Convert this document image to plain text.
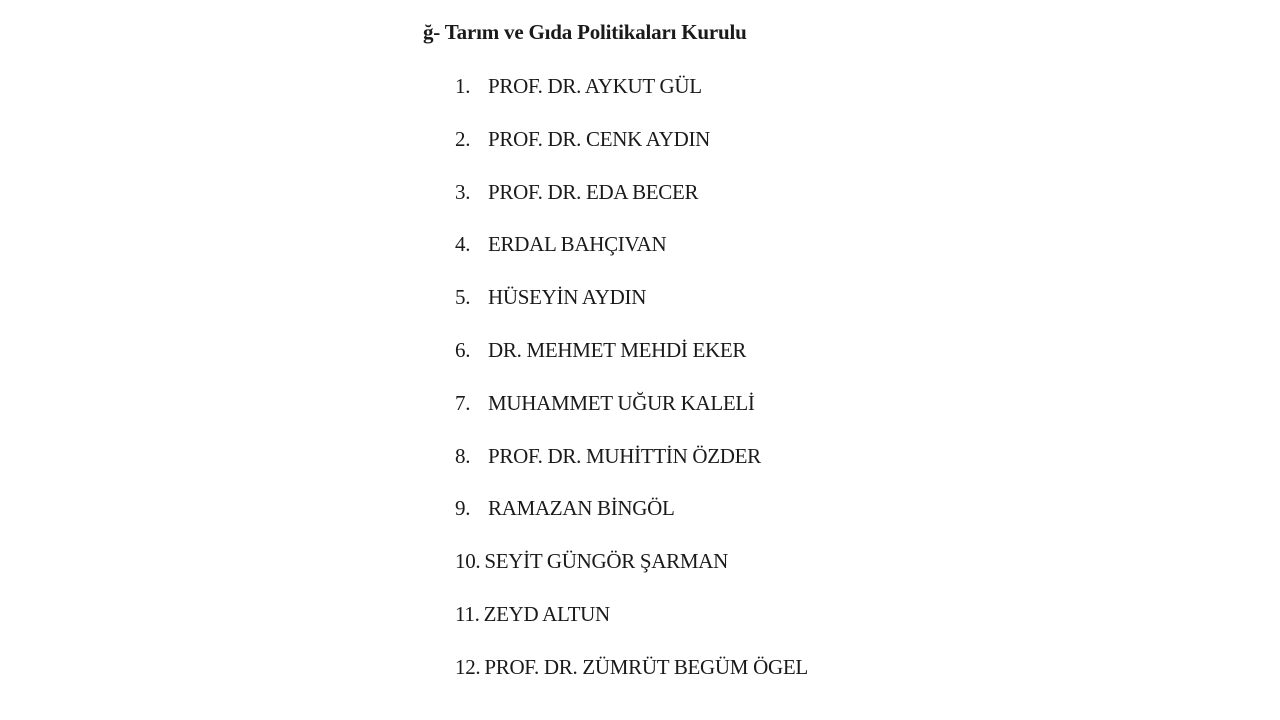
ğ- Tarım ve Gıda Politikaları Kurulu
1. PROF. DR. AYKUT GÜL
2. PROF. DR. CENK AYDIN
3. PROF. DR. EDA BECER
4. ERDAL BAHÇIVAN
5. HÜSEYİN AYDIN
6. DR. MEHMET MEHDİ EKER
7. MUHAMMET UĞUR KALELİ
8. PROF. DR. MUHİTTİN ÖZDER
9. RAMAZAN BİNGÖL
10. SEYİT GÜNGÖR ŞARMAN
11. ZEYD ALTUN
12. PROF. DR. ZÜMRÜT BEGÜM ÖGEL
